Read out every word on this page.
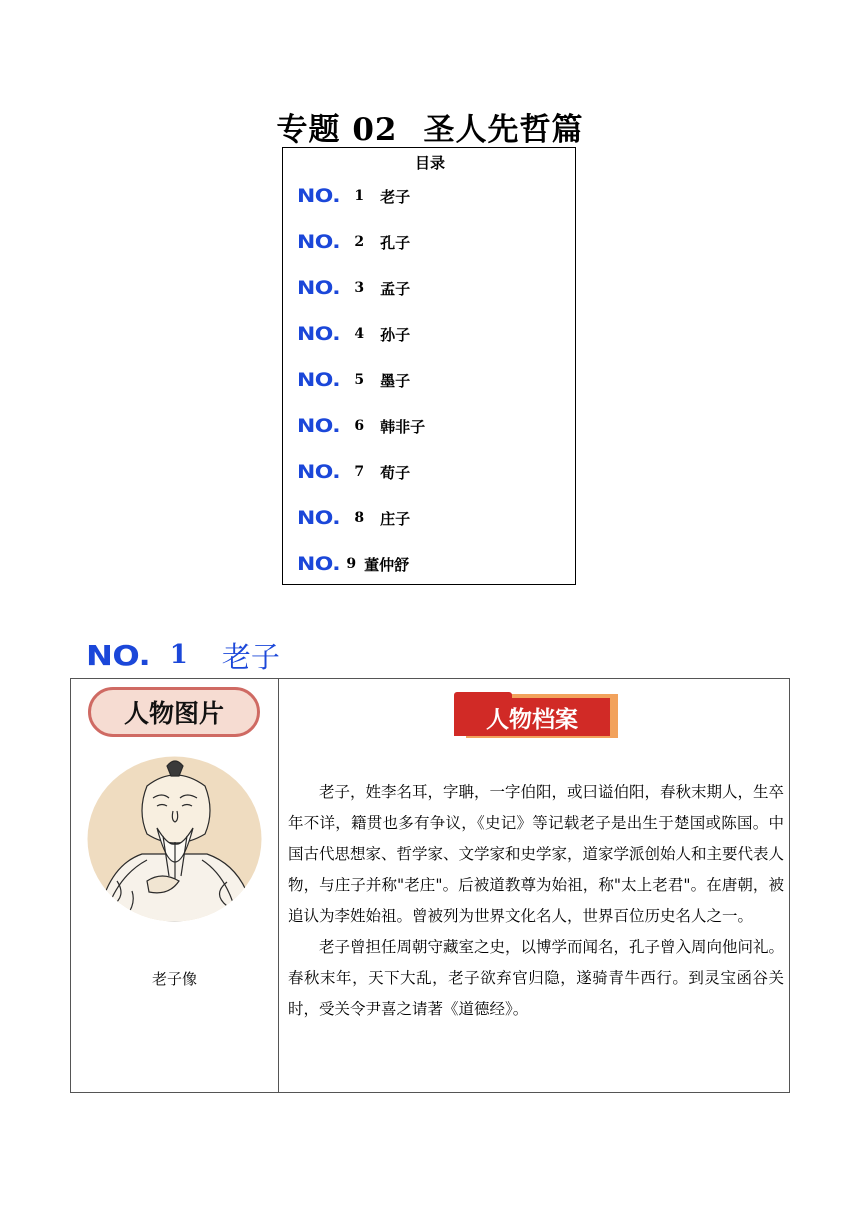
专题 02 圣人先哲篇
目录
NO. 1 老子
NO. 2 孔子
NO. 3 孟子
NO. 4 孙子
NO. 5 墨子
NO. 6 韩非子
NO. 7 荀子
NO. 8 庄子
NO. 9 董仲舒
NO. 1 老子
人物图片
老子像
人物档案

老子，姓李名耳，字聃，一字伯阳，或曰谥伯阳，春秋末期人，生卒年不详，籍贯也多有争议，《史记》等记载老子是出生于楚国或陈国。中国古代思想家、哲学家、文学家和史学家，道家学派创始人和主要代表人物，与庄子并称"老庄"。后被道教尊为始祖，称"太上老君"。在唐朝，被追认为李姓始祖。曾被列为世界文化名人，世界百位历史名人之一。

老子曾担任周朝守藏室之史，以博学而闻名，孔子曾入周向他问礼。春秋末年，天下大乱，老子欲弃官归隐，遂骑青牛西行。到灵宝函谷关时，受关令尹喜之请著《道德经》。
